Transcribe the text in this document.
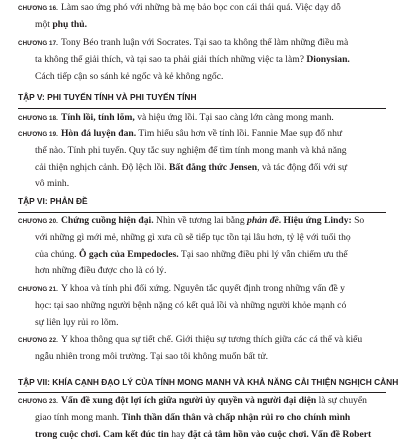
CHƯƠNG 16. Làm sao ứng phó với những bà mẹ bảo bọc con cái thái quá. Việc dạy dỗ
một phụ thủ.

CHƯƠNG 17. Tony Béo tranh luận với Socrates. Tại sao ta không thể làm những điều mà
ta không thể giải thích, và tại sao ta phải giải thích những việc ta làm? Dionysian.
Cách tiếp cận so sánh kẻ ngốc và kẻ không ngốc.

TẬP V: PHI TUYẾN TÍNH VÀ PHI TUYẾN TÍNH

CHƯƠNG 18. Tính lồi, tính lõm, và hiệu ứng lồi. Tại sao càng lớn càng mong manh.

CHƯƠNG 19. Hòn đá luyện đan. Tìm hiểu sâu hơn về tính lồi. Fannie Mae sụp đổ như
thế nào. Tính phi tuyến. Quy tắc suy nghiệm để tìm tính mong manh và khả năng
cải thiện nghịch cảnh. Độ lệch lồi. Bất đẳng thức Jensen, và tác động đối với sự
vô minh.

TẬP VI: PHẢN ĐỀ

CHƯƠNG 20. Chứng cuồng hiện đại. Nhìn về tương lai bằng phản đề. Hiệu ứng Lindy: So
với những gì mới mẻ, những gì xưa cũ sẽ tiếp tục tồn tại lâu hơn, tỷ lệ với tuổi thọ
của chúng. Ô gạch của Empedocles. Tại sao những điều phi lý vẫn chiếm ưu thế
hơn những điều được cho là có lý.

CHƯƠNG 21. Y khoa và tính phi đối xứng. Nguyên tắc quyết định trong những vấn đề y
học: tại sao những người bệnh nặng có kết quả lồi và những người khỏe mạnh có
sự liên lụy rủi ro lõm.

CHƯƠNG 22. Y khoa thông qua sự tiết chế. Giới thiệu sự tương thích giữa các cá thể và kiểu
ngẫu nhiên trong môi trường. Tại sao tôi không muốn bất tử.

TẬP VII: KHÍA CẠNH ĐẠO LÝ CỦA TÍNH MONG MANH VÀ KHẢ NĂNG CẢI THIỆN NGHỊCH CẢNH

CHƯƠNG 23. Vấn đề xung đột lợi ích giữa người ủy quyền và người đại diện là sự chuyển
giao tính mong manh. Tinh thần dấn thân và chấp nhận rủi ro cho chính mình
trong cuộc chơi. Cam kết đúc tin hay đặt cả tâm hồn vào cuộc chơi. Vấn đề Robert
